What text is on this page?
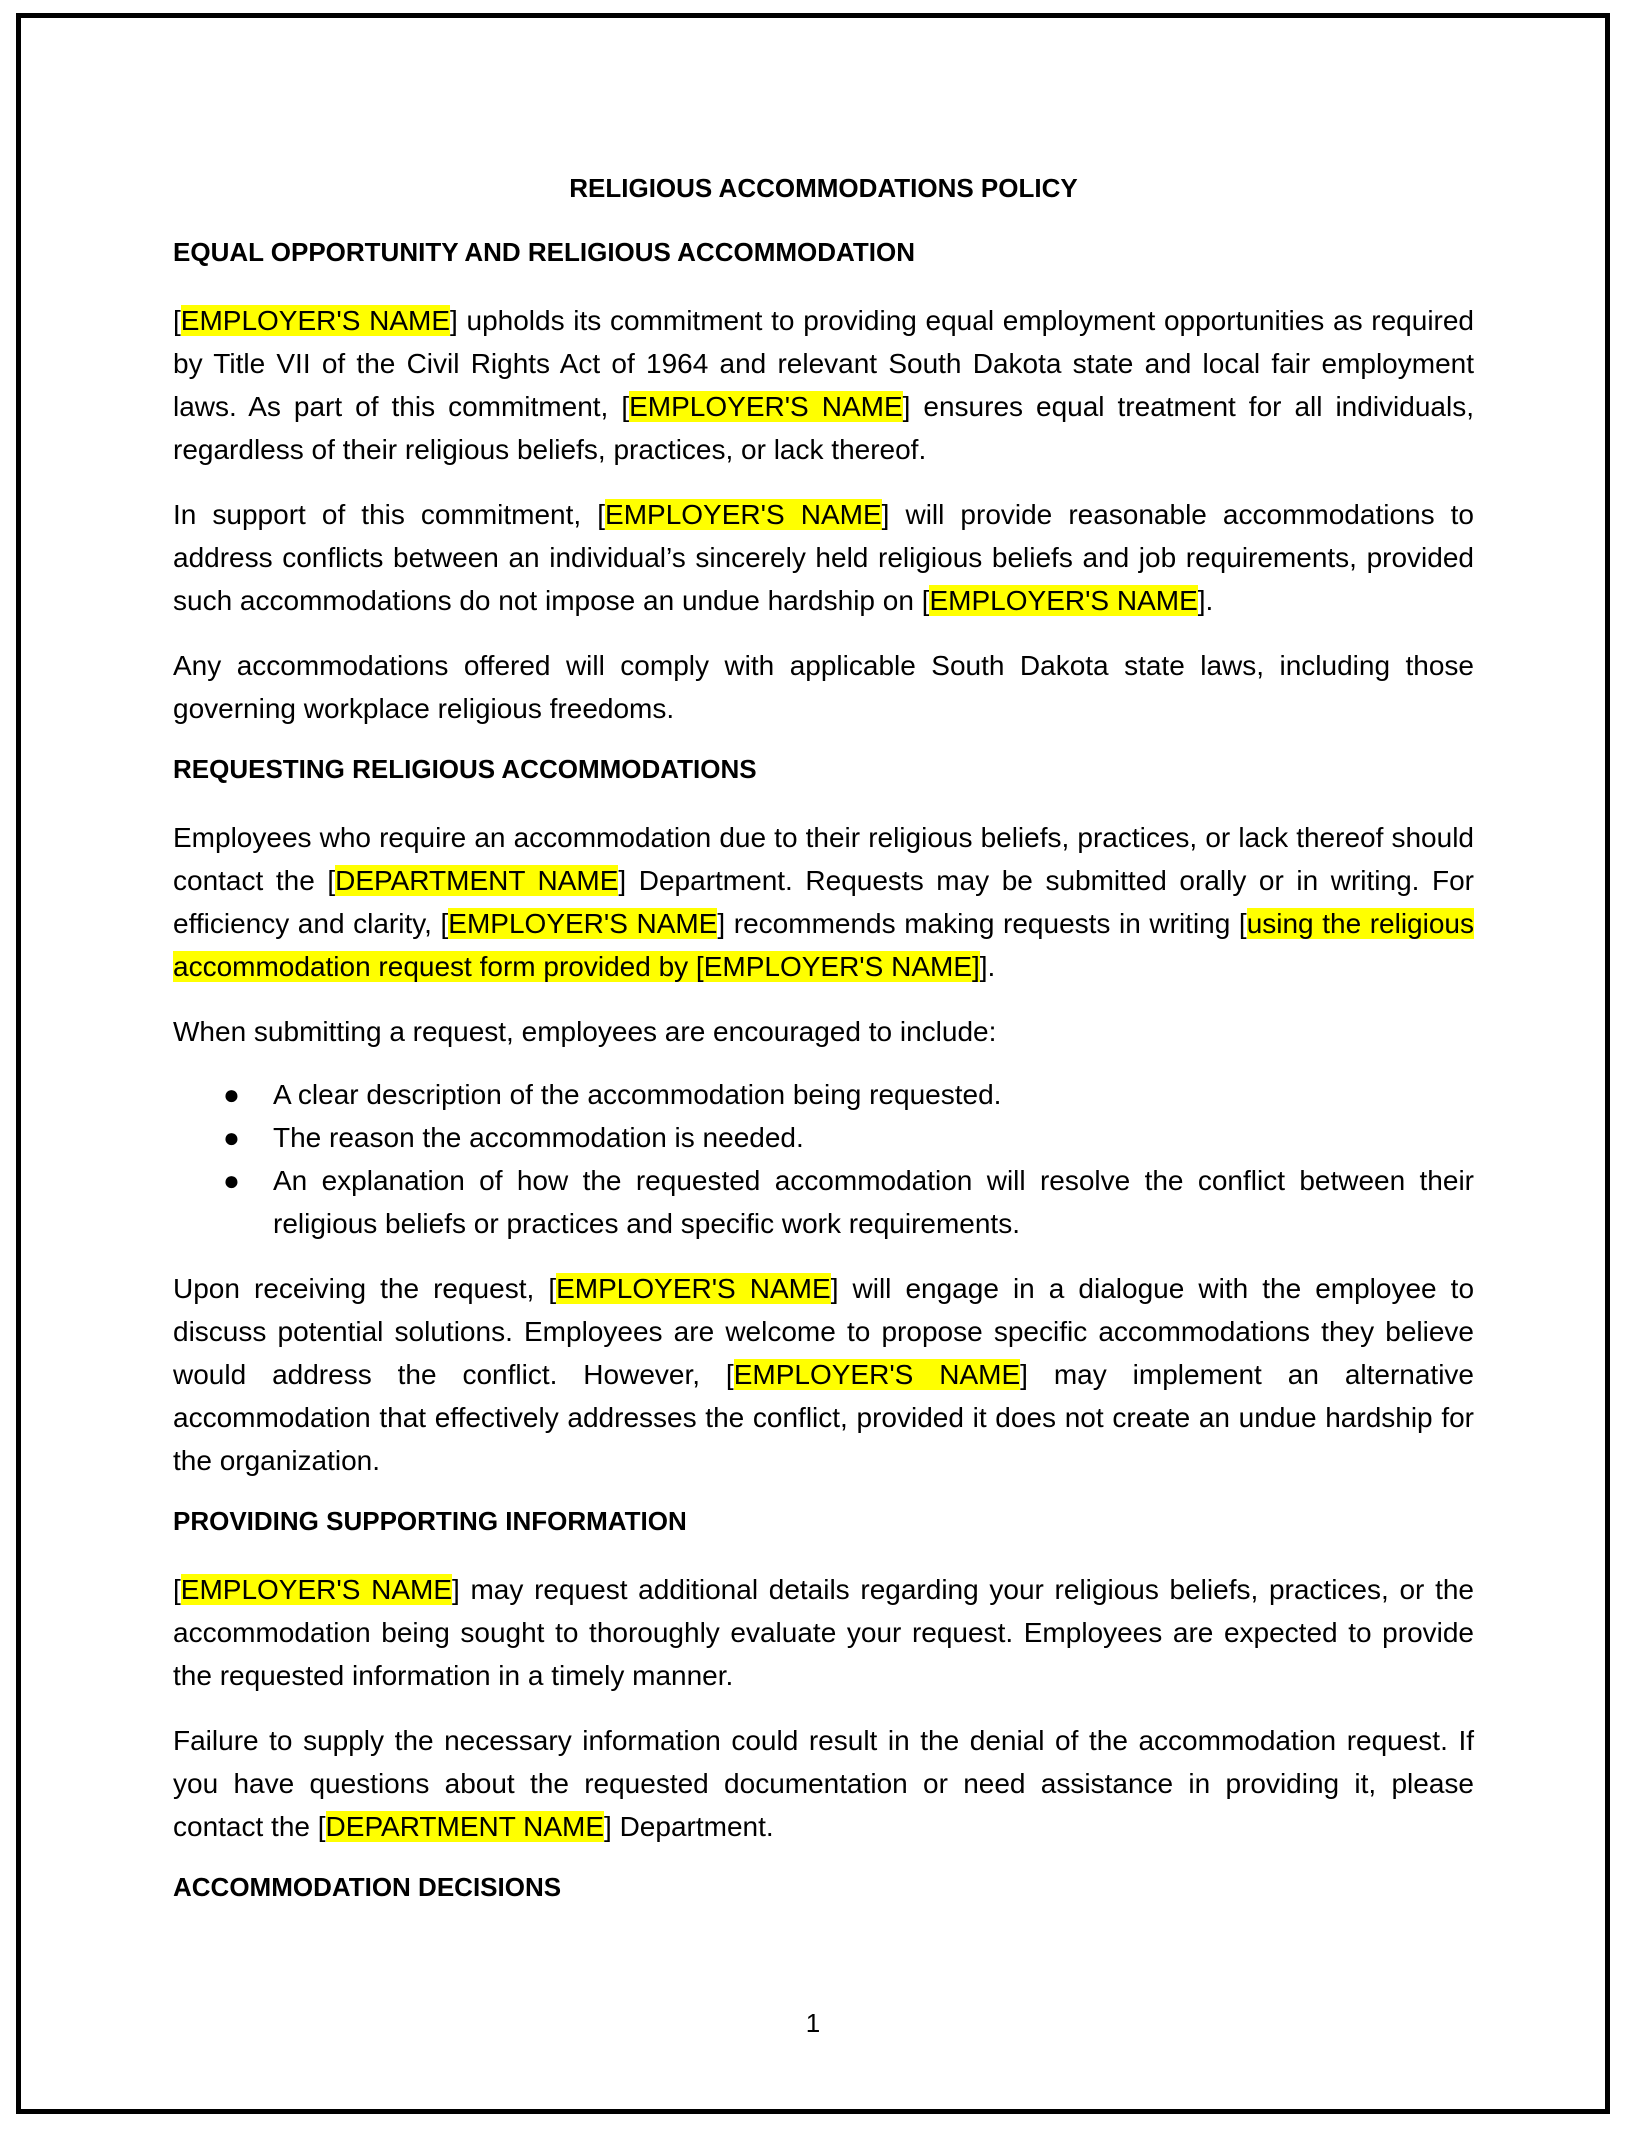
RELIGIOUS ACCOMMODATIONS POLICY
EQUAL OPPORTUNITY AND RELIGIOUS ACCOMMODATION

[EMPLOYER'S NAME] upholds its commitment to providing equal employment opportunities as required by Title VII of the Civil Rights Act of 1964 and relevant South Dakota state and local fair employment laws. As part of this commitment, [EMPLOYER'S NAME] ensures equal treatment for all individuals, regardless of their religious beliefs, practices, or lack thereof.

In support of this commitment, [EMPLOYER'S NAME] will provide reasonable accommodations to address conflicts between an individual’s sincerely held religious beliefs and job requirements, provided such accommodations do not impose an undue hardship on [EMPLOYER'S NAME].

Any accommodations offered will comply with applicable South Dakota state laws, including those governing workplace religious freedoms.

REQUESTING RELIGIOUS ACCOMMODATIONS

Employees who require an accommodation due to their religious beliefs, practices, or lack thereof should contact the [DEPARTMENT NAME] Department. Requests may be submitted orally or in writing. For efficiency and clarity, [EMPLOYER'S NAME] recommends making requests in writing [using the religious accommodation request form provided by [EMPLOYER'S NAME]].

When submitting a request, employees are encouraged to include:

● A clear description of the accommodation being requested.
● The reason the accommodation is needed.
● An explanation of how the requested accommodation will resolve the conflict between their religious beliefs or practices and specific work requirements.

Upon receiving the request, [EMPLOYER'S NAME] will engage in a dialogue with the employee to discuss potential solutions. Employees are welcome to propose specific accommodations they believe would address the conflict. However, [EMPLOYER'S NAME] may implement an alternative accommodation that effectively addresses the conflict, provided it does not create an undue hardship for the organization.

PROVIDING SUPPORTING INFORMATION

[EMPLOYER'S NAME] may request additional details regarding your religious beliefs, practices, or the accommodation being sought to thoroughly evaluate your request. Employees are expected to provide the requested information in a timely manner.

Failure to supply the necessary information could result in the denial of the accommodation request. If you have questions about the requested documentation or need assistance in providing it, please contact the [DEPARTMENT NAME] Department.

ACCOMMODATION DECISIONS
1
